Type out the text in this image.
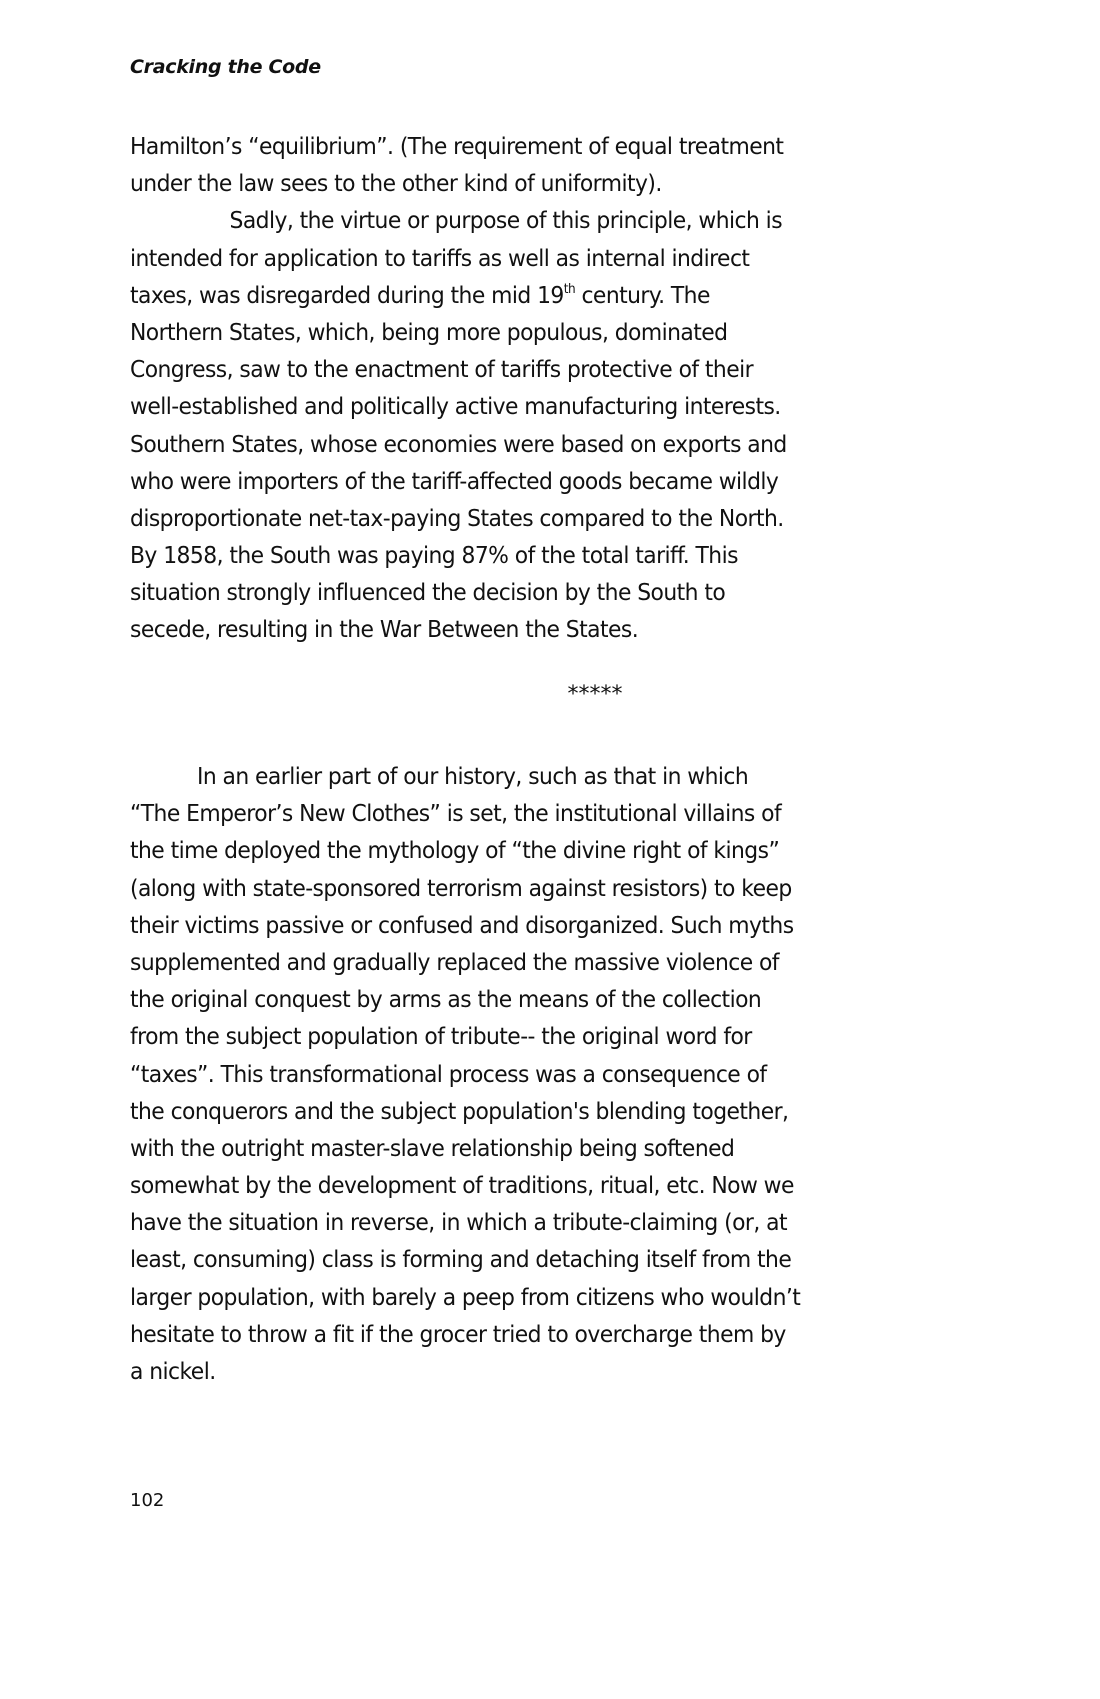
Cracking the Code
Hamilton’s “equilibrium”. (The requirement of equal treatment
under the law sees to the other kind of uniformity).
Sadly, the virtue or purpose of this principle, which is
intended for application to tariffs as well as internal indirect
taxes, was disregarded during the mid 19th century. The
Northern States, which, being more populous, dominated
Congress, saw to the enactment of tariffs protective of their
well-established and politically active manufacturing interests.
Southern States, whose economies were based on exports and
who were importers of the tariff-affected goods became wildly
disproportionate net-tax-paying States compared to the North.
By 1858, the South was paying 87% of the total tariff. This
situation strongly influenced the decision by the South to
secede, resulting in the War Between the States.
*****
In an earlier part of our history, such as that in which
“The Emperor’s New Clothes” is set, the institutional villains of
the time deployed the mythology of “the divine right of kings”
(along with state-sponsored terrorism against resistors) to keep
their victims passive or confused and disorganized. Such myths
supplemented and gradually replaced the massive violence of
the original conquest by arms as the means of the collection
from the subject population of tribute-- the original word for
“taxes”. This transformational process was a consequence of
the conquerors and the subject population's blending together,
with the outright master-slave relationship being softened
somewhat by the development of traditions, ritual, etc. Now we
have the situation in reverse, in which a tribute-claiming (or, at
least, consuming) class is forming and detaching itself from the
larger population, with barely a peep from citizens who wouldn’t
hesitate to throw a fit if the grocer tried to overcharge them by
a nickel.
102
